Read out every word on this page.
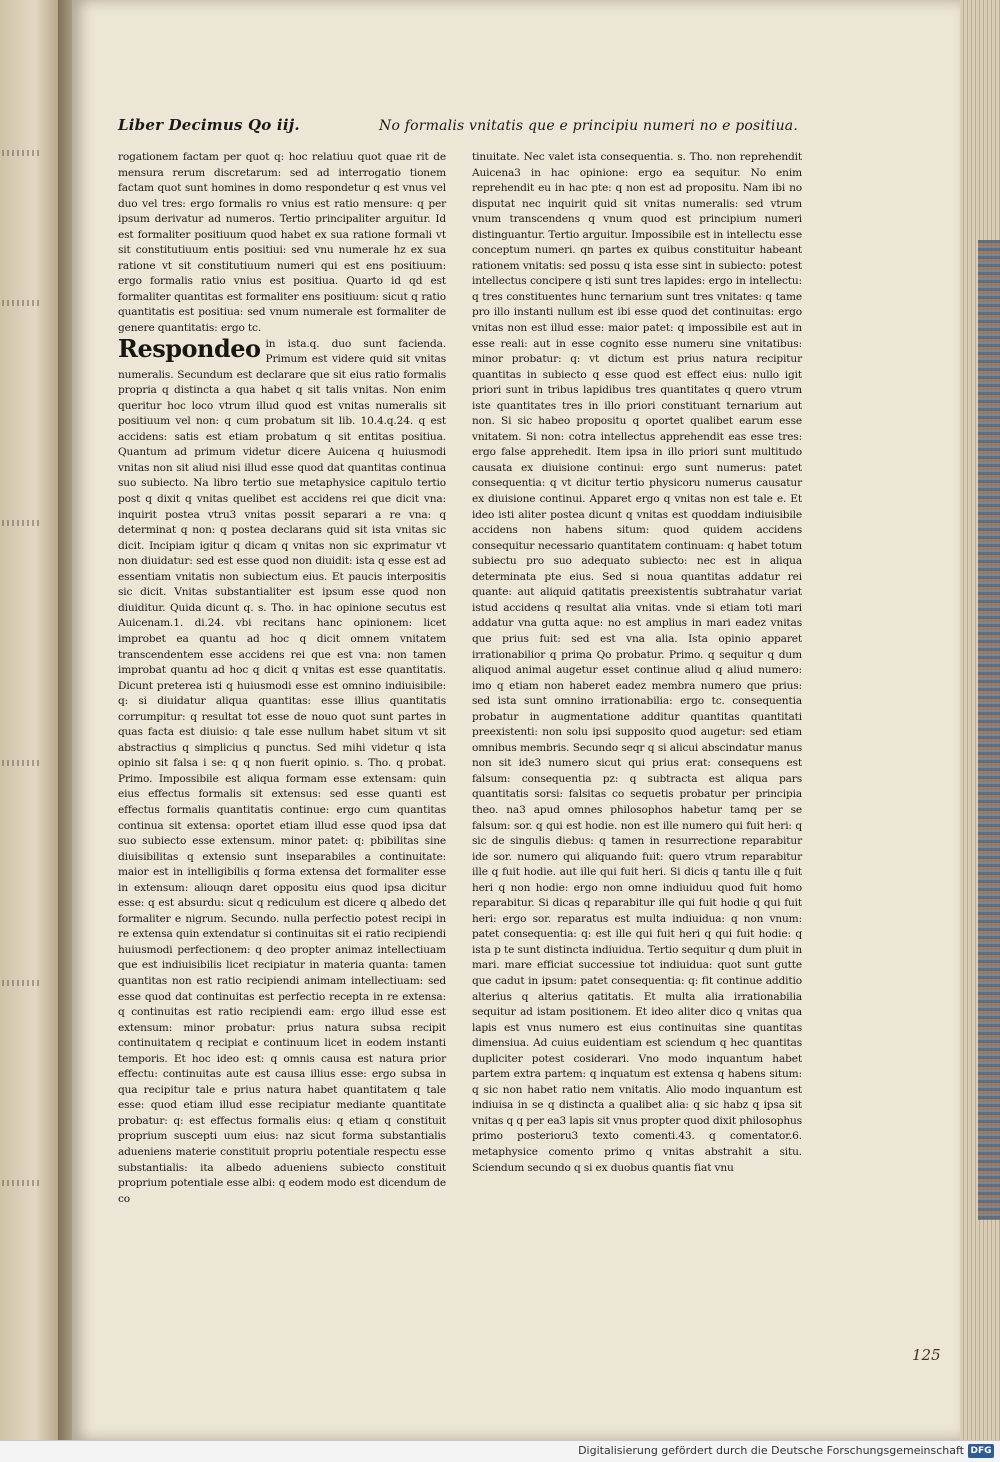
Liber Decimus Qo iij.	No formalis vnitatis que e principiu numeri no e positiua.

rogationem factam per quot q: hoc relatiuu quot quae rit de mensura rerum discretarum: sed ad interrogatio tionem factam quot sunt homines in domo respondetur q est vnus vel duo vel tres: ergo formalis ro vnius est ratio mensure: q per ipsum derivatur ad numeros. Tertio principaliter arguitur. Id est formaliter positiuum quod habet ex sua ratione formali vt sit constitutiuum entis positiui: sed vnu numerale hz ex sua ratione vt sit constitutiuum numeri qui est ens positiuum: ergo formalis ratio vnius est positiua. Quarto id qd est formaliter quantitas est formaliter ens positiuum: sicut q ratio quantitatis est positiua: sed vnum numerale est formaliter de genere quantitatis: ergo tc.

Respondeo in ista.q. duo sunt facienda. Primum est videre quid sit vnitas numeralis. Secundum est declarare que sit eius ratio formalis propria q distincta a qua habet q sit talis vnitas. Non enim queritur hoc loco vtrum illud quod est vnitas numeralis sit positiuum vel non: q cum probatum sit lib. 10.4.q.24. q est accidens: satis est etiam probatum q sit entitas positiua. Quantum ad primum videtur dicere Auicena q huiusmodi vnitas non sit aliud nisi illud esse quod dat quantitas continua suo subiecto. Na libro tertio sue metaphysice capitulo tertio post q dixit q vnitas quelibet est accidens rei que dicit vna: inquirit postea vtru3 vnitas possit separari a re vna: q determinat q non: q postea declarans quid sit ista vnitas sic dicit. Incipiam igitur q dicam q vnitas non sic exprimatur vt non diuidatur: sed est esse quod non diuidit: ista q esse est ad essentiam vnitatis non subiectum eius. Et paucis interpositis sic dicit. Vnitas substantialiter est ipsum esse quod non diuiditur. Quida dicunt q. s. Tho. in hac opinione secutus est Auicenam.1. di.24. vbi recitans hanc opinionem: licet improbet ea quantu ad hoc q dicit omnem vnitatem transcendentem esse accidens rei que est vna: non tamen improbat quantu ad hoc q dicit q vnitas est esse quantitatis. Dicunt preterea isti q huiusmodi esse est omnino indiuisibile: q: si diuidatur aliqua quantitas: esse illius quantitatis corrumpitur: q resultat tot esse de nouo quot sunt partes in quas facta est diuisio: q tale esse nullum habet situm vt sit abstractius q simplicius q punctus. Sed mihi videtur q ista opinio sit falsa i se: q q non fuerit opinio. s. Tho. q probat. Primo. Impossibile est aliqua formam esse extensam: quin eius effectus formalis sit extensus: sed esse quanti est effectus formalis quantitatis continue: ergo cum quantitas continua sit extensa: oportet etiam illud esse quod ipsa dat suo subiecto esse extensum. minor patet: q: pbibilitas sine diuisibilitas q extensio sunt inseparabiles a continuitate: maior est in intelligibilis q forma extensa det formaliter esse in extensum: aliouqn daret oppositu eius quod ipsa dicitur esse: q est absurdu: sicut q rediculum est dicere q albedo det formaliter e nigrum. Secundo. nulla perfectio potest recipi in re extensa quin extendatur si continuitas sit ei ratio recipiendi huiusmodi perfectionem: q deo propter animaz intellectiuam que est indiuisibilis licet recipiatur in materia quanta: tamen quantitas non est ratio recipiendi animam intellectiuam: sed esse quod dat continuitas est perfectio recepta in re extensa: q continuitas est ratio recipiendi eam: ergo illud esse est extensum: minor probatur: prius natura subsa recipit continuitatem q recipiat e continuum licet in eodem instanti temporis. Et hoc ideo est: q omnis causa est natura prior effectu: continuitas aute est causa illius esse: ergo subsa in qua recipitur tale e prius natura habet quantitatem q tale esse: quod etiam illud esse recipiatur mediante quantitate probatur: q: est effectus formalis eius: q etiam q constituit proprium suscepti uum eius: naz sicut forma substantialis adueniens materie constituit propriu potentiale respectu esse substantialis: ita albedo adueniens subiecto constituit proprium potentiale esse albi: q eodem modo est dicendum de co

tinuitate. Nec valet ista consequentia. s. Tho. non reprehendit Auicena3 in hac opinione: ergo ea sequitur. No enim reprehendit eu in hac pte: q non est ad propositu. Nam ibi no disputat nec inquirit quid sit vnitas numeralis: sed vtrum vnum transcendens q vnum quod est principium numeri distinguantur. Tertio arguitur. Impossibile est in intellectu esse conceptum numeri. qn partes ex quibus constituitur habeant rationem vnitatis: sed possu q ista esse sint in subiecto: potest intellectus concipere q isti sunt tres lapides: ergo in intellectu: q tres constituentes hunc ternarium sunt tres vnitates: q tame pro illo instanti nullum est ibi esse quod det continuitas: ergo vnitas non est illud esse: maior patet: q impossibile est aut in esse reali: aut in esse cognito esse numeru sine vnitatibus: minor probatur: q: vt dictum est prius natura recipitur quantitas in subiecto q esse quod est effect eius: nullo igit priori sunt in tribus lapidibus tres quantitates q quero vtrum iste quantitates tres in illo priori constituant ternarium aut non. Si sic habeo propositu q oportet qualibet earum esse vnitatem. Si non: cotra intellectus apprehendit eas esse tres: ergo false apprehedit. Item ipsa in illo priori sunt multitudo causata ex diuisione continui: ergo sunt numerus: patet consequentia: q vt dicitur tertio physicoru numerus causatur ex diuisione continui. Apparet ergo q vnitas non est tale e. Et ideo isti aliter postea dicunt q vnitas est quoddam indiuisibile accidens non habens situm: quod quidem accidens consequitur necessario quantitatem continuam: q habet totum subiectu pro suo adequato subiecto: nec est in aliqua determinata pte eius. Sed si noua quantitas addatur rei quante: aut aliquid qatitatis preexistentis subtrahatur variat istud accidens q resultat alia vnitas. vnde si etiam toti mari addatur vna gutta aque: no est amplius in mari eadez vnitas que prius fuit: sed est vna alia. Ista opinio apparet irrationabilior q prima Qo probatur. Primo. q sequitur q dum aliquod animal augetur esset continue aliud q aliud numero: imo q etiam non haberet eadez membra numero que prius: sed ista sunt omnino irrationabilia: ergo tc. consequentia probatur in augmentatione additur quantitas quantitati preexistenti: non solu ipsi supposito quod augetur: sed etiam omnibus membris. Secundo seqr q si alicui abscindatur manus non sit ide3 numero sicut qui prius erat: consequens est falsum: consequentia pz: q subtracta est aliqua pars quantitatis sorsi: falsitas co sequetis probatur per principia theo. na3 apud omnes philosophos habetur tamq per se falsum: sor. q qui est hodie. non est ille numero qui fuit heri: q sic de singulis diebus: q tamen in resurrectione reparabitur ide sor. numero qui aliquando fuit: quero vtrum reparabitur ille q fuit hodie. aut ille qui fuit heri. Si dicis q tantu ille q fuit heri q non hodie: ergo non omne indiuiduu quod fuit homo reparabitur. Si dicas q reparabitur ille qui fuit hodie q qui fuit heri: ergo sor. reparatus est multa indiuidua: q non vnum: patet consequentia: q: est ille qui fuit heri q qui fuit hodie: q ista p te sunt distincta indiuidua. Tertio sequitur q dum pluit in mari. mare efficiat successiue tot indiuidua: quot sunt gutte que cadut in ipsum: patet consequentia: q: fit continue additio alterius q alterius qatitatis. Et multa alia irrationabilia sequitur ad istam positionem. Et ideo aliter dico q vnitas qua lapis est vnus numero est eius continuitas sine quantitas dimensiua. Ad cuius euidentiam est sciendum q hec quantitas dupliciter potest cosiderari. Vno modo inquantum habet partem extra partem: q inquatum est extensa q habens situm: q sic non habet ratio nem vnitatis. Alio modo inquantum est indiuisa in se q distincta a qualibet alia: q sic habz q ipsa sit vnitas q q per ea3 lapis sit vnus propter quod dixit philosophus primo posterioru3 texto comenti.43. q comentator.6. metaphysice comento primo q vnitas abstrahit a situ. Sciendum secundo q si ex duobus quantis fiat vnu

125
Digitalisierung gefördert durch die Deutsche Forschungsgemeinschaft DFG
